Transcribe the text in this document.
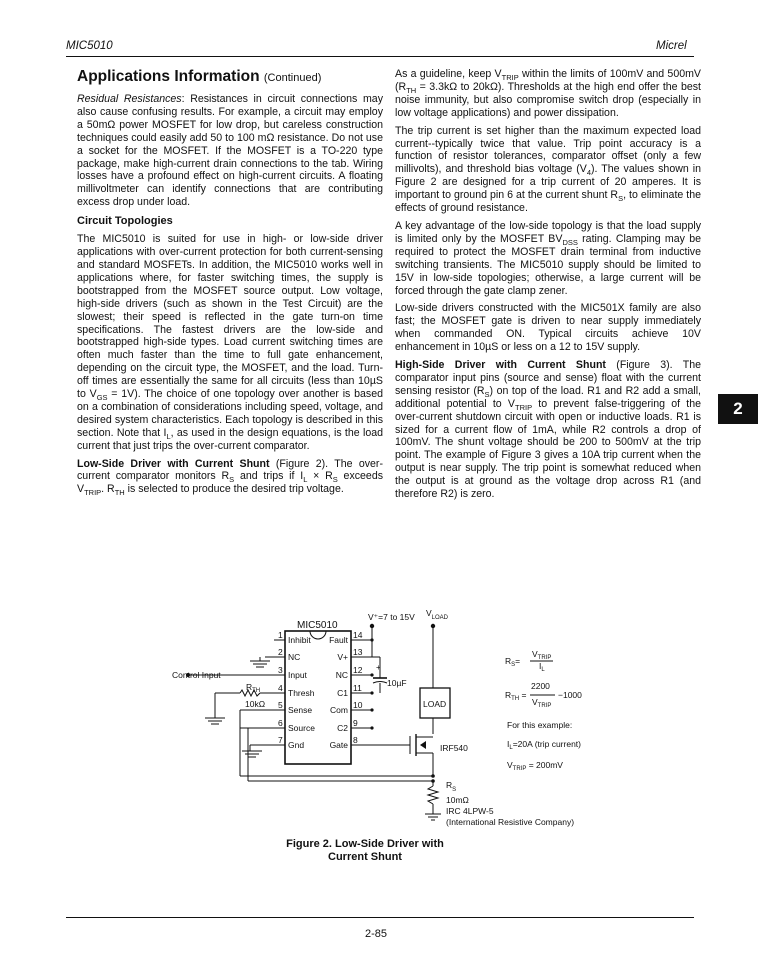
MIC5010	Micrel
Applications Information (Continued)

Residual Resistances: Resistances in circuit connections may also cause confusing results. For example, a circuit may employ a 50mΩ power MOSFET for low drop, but careless construction techniques could easily add 50 to 100 mΩ resistance. Do not use a socket for the MOSFET. If the MOSFET is a TO-220 type package, make high-current drain connections to the tab. Wiring losses have a profound effect on high-current circuits. A floating millivoltmeter can identify connections that are contributing excess drop under load.

Circuit Topologies

The MIC5010 is suited for use in high- or low-side driver applications with over-current protection for both current-sensing and standard MOSFETs. In addition, the MIC5010 works well in applications where, for faster switching times, the supply is bootstrapped from the MOSFET source output. Low voltage, high-side drivers (such as shown in the Test Circuit) are the slowest; their speed is reflected in the gate turn-on time specifications. The fastest drivers are the low-side and bootstrapped high-side types. Load current switching times are often much faster than the time to full gate enhancement, depending on the circuit type, the MOSFET, and the load. Turn-off times are essentially the same for all circuits (less than 10µS to $V_{GS} = 1V$). The choice of one topology over another is based on a combination of considerations including speed, voltage, and desired system characteristics. Each topology is described in this section. Note that $I_L$, as used in the design equations, is the load current that just trips the over-current comparator.

Low-Side Driver with Current Shunt (Figure 2). The over-current comparator monitors $R_S$ and trips if $I_L \times R_S$ exceeds $V_{TRIP}$. $R_{TH}$ is selected to produce the desired trip voltage.

As a guideline, keep $V_{TRIP}$ within the limits of 100mV and 500mV ($R_{TH} = 3.3k\Omega$ to 20kΩ). Thresholds at the high end offer the best noise immunity, but also compromise switch drop (especially in low voltage applications) and power dissipation.

The trip current is set higher than the maximum expected load current--typically twice that value. Trip point accuracy is a function of resistor tolerances, comparator offset (only a few millivolts), and threshold bias voltage $(V_4)$. The values shown in Figure 2 are designed for a trip current of 20 amperes. It is important to ground pin 6 at the current shunt $R_S$, to eliminate the effects of ground resistance.

A key advantage of the low-side topology is that the load supply is limited only by the MOSFET $BV_{DSS}$ rating. Clamping may be required to protect the MOSFET drain terminal from inductive switching transients. The MIC5010 supply should be limited to 15V in low-side topologies; otherwise, a large current will be forced through the gate clamp zener.

Low-side drivers constructed with the MIC501X family are also fast; the MOSFET gate is driven to near supply immediately when commanded ON. Typical circuits achieve 10V enhancement in 10µS or less on a 12 to 15V supply.

High-Side Driver with Current Shunt (Figure 3). The comparator input pins (source and sense) float with the current sensing resistor $(R_S)$ on top of the load. R1 and R2 add a small, additional potential to $V_{TRIP}$ to prevent false-triggering of the over-current shutdown circuit with open or inductive loads. R1 is sized for a current flow of 1mA, while R2 controls a drop of 100mV. The shunt voltage should be 200 to 500mV at the trip point. The example of Figure 3 gives a 10A trip current when the output is near supply. The trip point is somewhat reduced when the output is at ground as the voltage drop across R1 (and therefore R2) is zero.

2
MIC5010
V⁺=7 to 15V $V_{LOAD}$
1
2
3
4
5
6
7
Inhibit
NC
Input
Thresh
Sense
Source
Gnd
14
13
12
11
10
9
8
Fault
V+
NC
C1
Com
C2
Gate
Control Input
$R_{TH}$
10kΩ
10µF
+
LOAD
IRF540
$R_S$
10mΩ
IRC 4LPW-5
(International Resistive Company)
$R_S=$
$V_{TRIP}$
$I_L$
$R_{TH}$ =
2200
$V_{TRIP}$
−1000
For this example:
$I_L=20A$ (trip current)
$V_{TRIP} = 200mV$
Figure 2. Low-Side Driver with
Current Shunt
2-85
